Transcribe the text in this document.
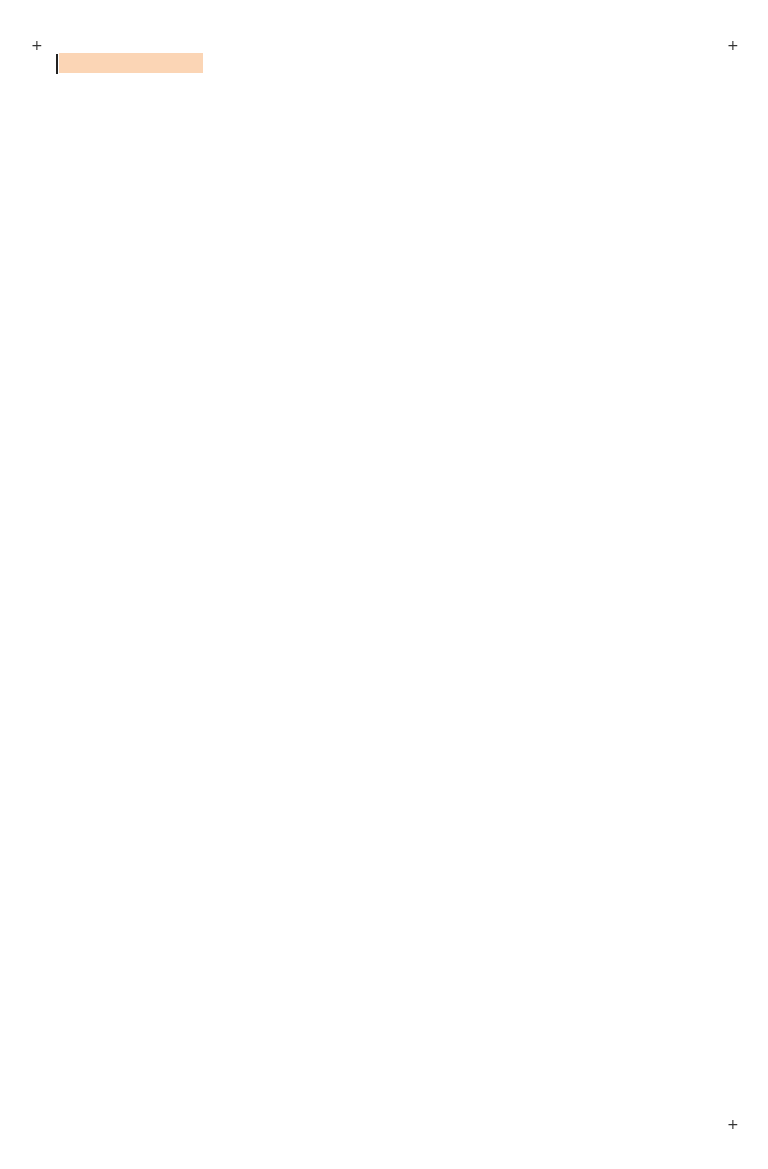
+	+
+
